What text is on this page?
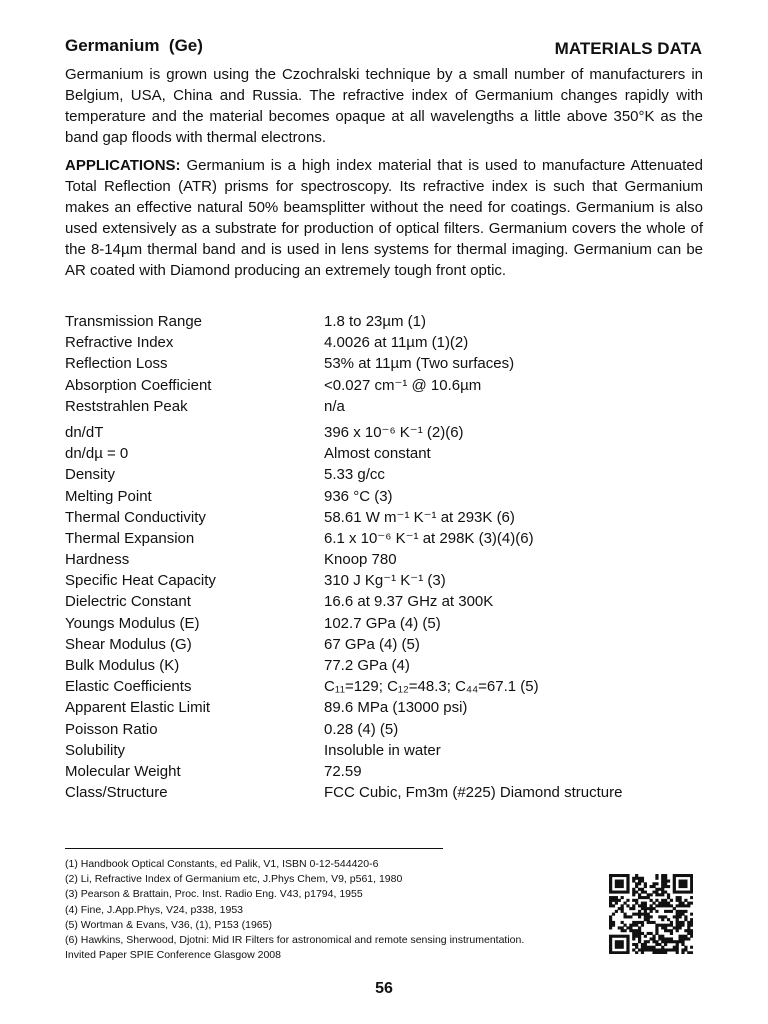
Germanium  (Ge)	MATERIALS DATA
Germanium is grown using the Czochralski technique by a small number of manufacturers in Belgium, USA, China and Russia. The refractive index of Germanium changes rapidly with temperature and the material becomes opaque at all wavelengths a little above 350°K as the band gap floods with thermal electrons.
APPLICATIONS: Germanium is a high index material that is used to manufacture Attenuated Total Reflection (ATR) prisms for spectroscopy. Its refractive index is such that Germanium makes an effective natural 50% beamsplitter without the need for coatings. Germanium is also used extensively as a substrate for production of optical filters. Germanium covers the whole of the 8-14µm thermal band and is used in lens systems for thermal imaging. Germanium can be AR coated with Diamond producing an extremely tough front optic.
Transmission Range	1.8 to 23µm (1)
Refractive Index	4.0026 at 11µm (1)(2)
Reflection Loss	53% at 11µm (Two surfaces)
Absorption Coefficient	<0.027 cm⁻¹ @ 10.6µm
Reststrahlen Peak	n/a
dn/dT	396 x 10⁻⁶ K⁻¹ (2)(6)
dn/dµ = 0	Almost constant
Density	5.33 g/cc
Melting Point	936 °C (3)
Thermal Conductivity	58.61 W m⁻¹ K⁻¹ at 293K (6)
Thermal Expansion	6.1 x 10⁻⁶ K⁻¹ at 298K (3)(4)(6)
Hardness	Knoop 780
Specific Heat Capacity	310 J Kg⁻¹ K⁻¹ (3)
Dielectric Constant	16.6 at 9.37 GHz at 300K
Youngs Modulus (E)	102.7 GPa (4) (5)
Shear Modulus (G)	67 GPa (4) (5)
Bulk Modulus (K)	77.2 GPa (4)
Elastic Coefficients	C₁₁=129; C₁₂=48.3; C₄₄=67.1 (5)
Apparent Elastic Limit	89.6 MPa (13000 psi)
Poisson Ratio	0.28 (4) (5)
Solubility	Insoluble in water
Molecular Weight	72.59
Class/Structure	FCC Cubic, Fm3m (#225) Diamond structure
(1) Handbook Optical Constants, ed Palik, V1, ISBN 0-12-544420-6
(2) Li, Refractive Index of Germanium etc, J.Phys Chem, V9, p561, 1980
(3) Pearson & Brattain, Proc. Inst. Radio Eng. V43, p1794, 1955
(4) Fine, J.App.Phys, V24, p338, 1953
(5) Wortman & Evans, V36, (1), P153 (1965)
(6) Hawkins, Sherwood, Djotni: Mid IR Filters for astronomical and remote sensing instrumentation.
Invited Paper SPIE Conference Glasgow 2008
56
